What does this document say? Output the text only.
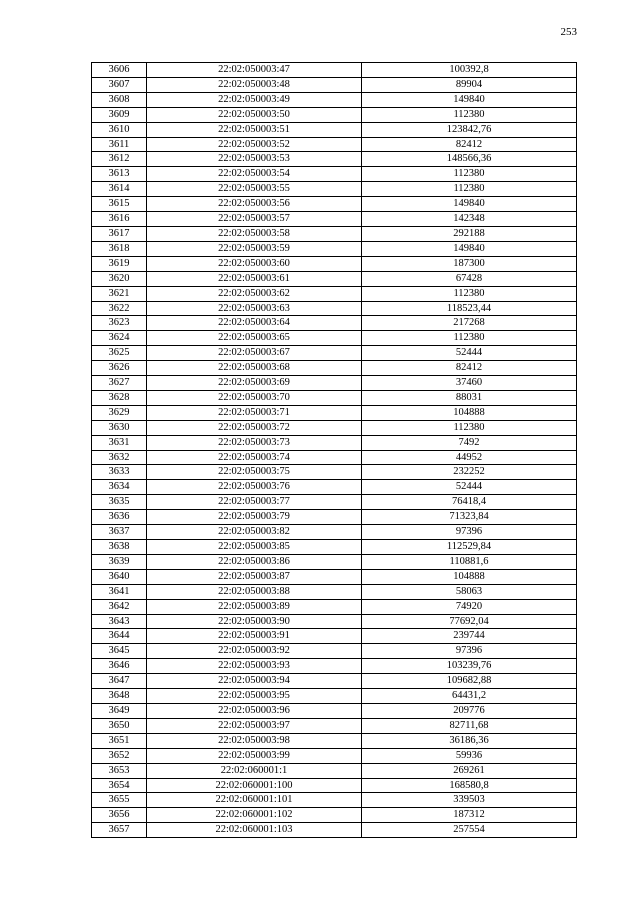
253
3606	22:02:050003:47	100392,8
3607	22:02:050003:48	89904
3608	22:02:050003:49	149840
3609	22:02:050003:50	112380
3610	22:02:050003:51	123842,76
3611	22:02:050003:52	82412
3612	22:02:050003:53	148566,36
3613	22:02:050003:54	112380
3614	22:02:050003:55	112380
3615	22:02:050003:56	149840
3616	22:02:050003:57	142348
3617	22:02:050003:58	292188
3618	22:02:050003:59	149840
3619	22:02:050003:60	187300
3620	22:02:050003:61	67428
3621	22:02:050003:62	112380
3622	22:02:050003:63	118523,44
3623	22:02:050003:64	217268
3624	22:02:050003:65	112380
3625	22:02:050003:67	52444
3626	22:02:050003:68	82412
3627	22:02:050003:69	37460
3628	22:02:050003:70	88031
3629	22:02:050003:71	104888
3630	22:02:050003:72	112380
3631	22:02:050003:73	7492
3632	22:02:050003:74	44952
3633	22:02:050003:75	232252
3634	22:02:050003:76	52444
3635	22:02:050003:77	76418,4
3636	22:02:050003:79	71323,84
3637	22:02:050003:82	97396
3638	22:02:050003:85	112529,84
3639	22:02:050003:86	110881,6
3640	22:02:050003:87	104888
3641	22:02:050003:88	58063
3642	22:02:050003:89	74920
3643	22:02:050003:90	77692,04
3644	22:02:050003:91	239744
3645	22:02:050003:92	97396
3646	22:02:050003:93	103239,76
3647	22:02:050003:94	109682,88
3648	22:02:050003:95	64431,2
3649	22:02:050003:96	209776
3650	22:02:050003:97	82711,68
3651	22:02:050003:98	36186,36
3652	22:02:050003:99	59936
3653	22:02:060001:1	269261
3654	22:02:060001:100	168580,8
3655	22:02:060001:101	339503
3656	22:02:060001:102	187312
3657	22:02:060001:103	257554
